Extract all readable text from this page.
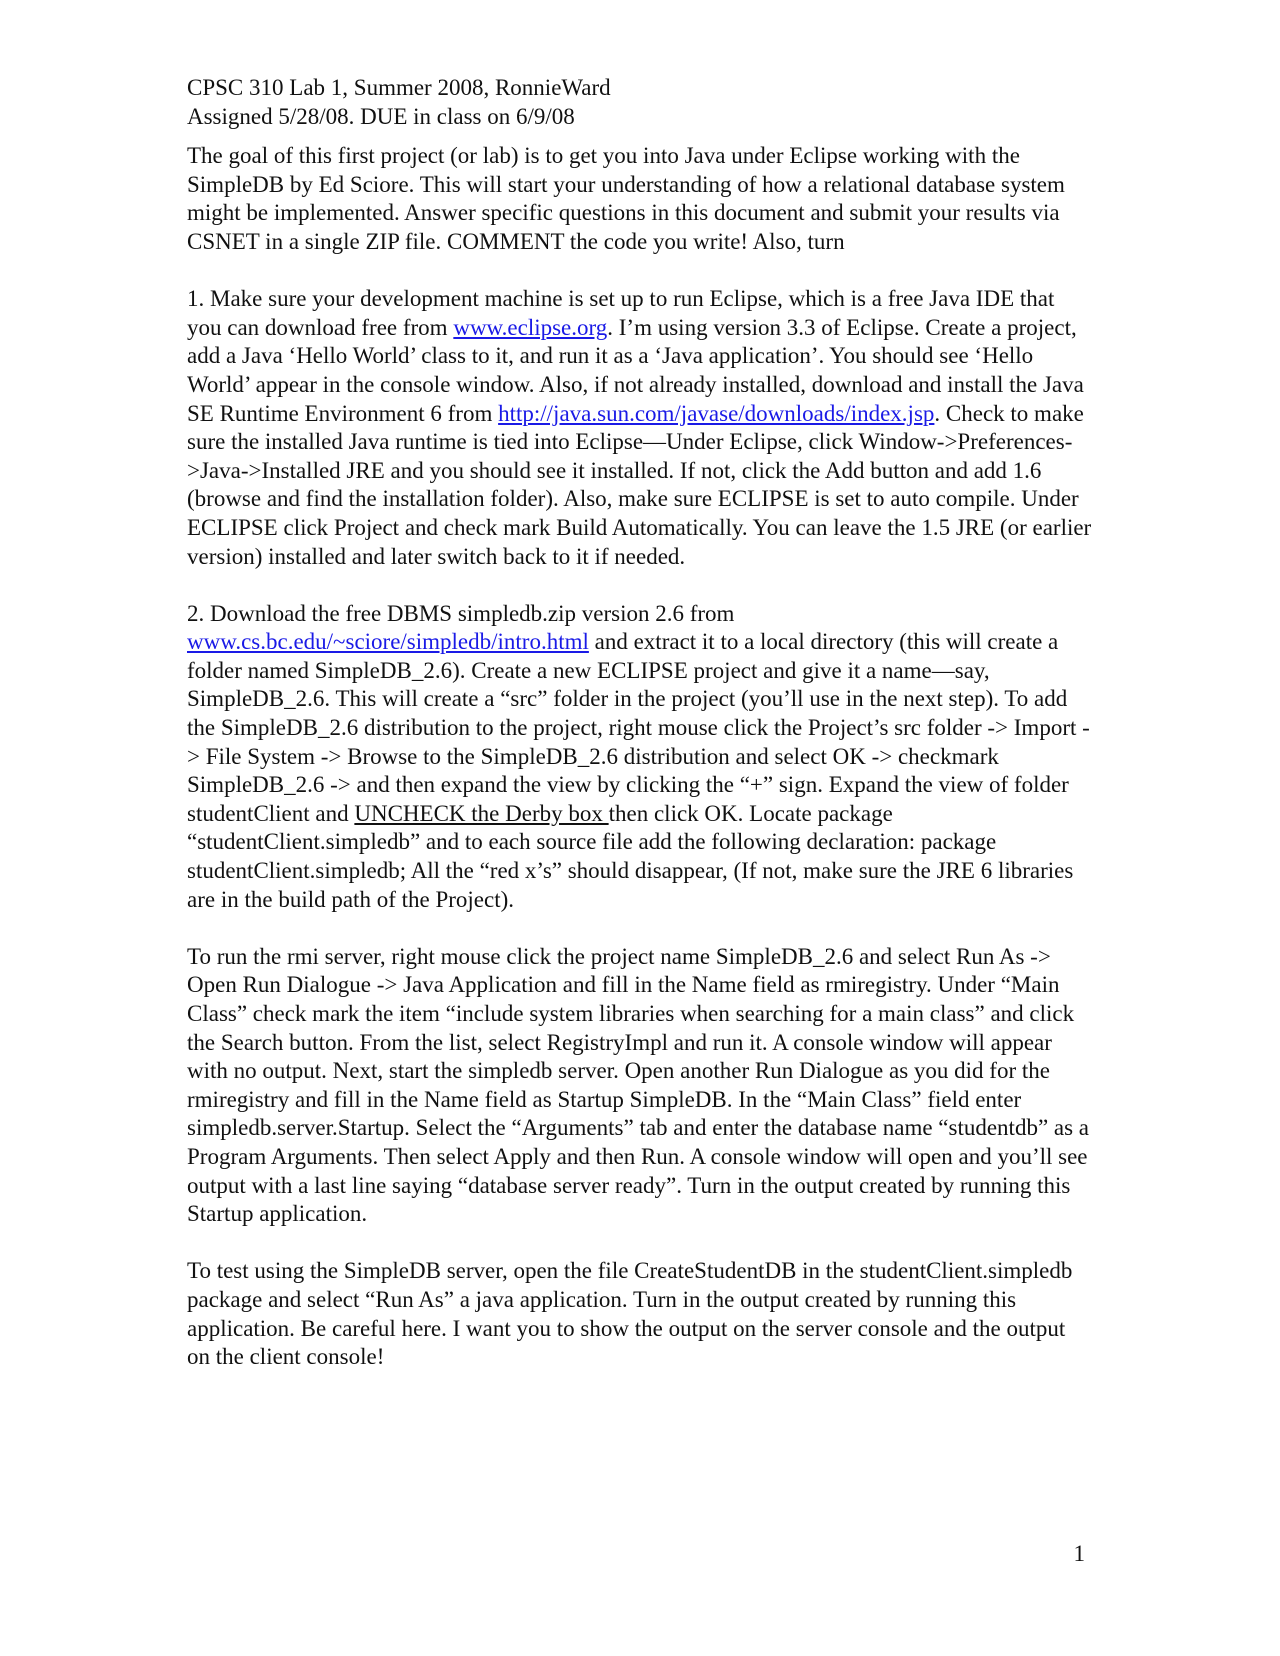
CPSC 310 Lab 1, Summer 2008, RonnieWard
Assigned 5/28/08. DUE in class on 6/9/08

The goal of this first project (or lab) is to get you into Java under Eclipse working with the SimpleDB by Ed Sciore. This will start your understanding of how a relational database system might be implemented. Answer specific questions in this document and submit your results via CSNET in a single ZIP file. COMMENT the code you write! Also, turn

1. Make sure your development machine is set up to run Eclipse, which is a free Java IDE that you can download free from www.eclipse.org. I’m using version 3.3 of Eclipse. Create a project, add a Java ‘Hello World’ class to it, and run it as a ‘Java application’. You should see ‘Hello World’ appear in the console window. Also, if not already installed, download and install the Java SE Runtime Environment 6 from http://java.sun.com/javase/downloads/index.jsp. Check to make sure the installed Java runtime is tied into Eclipse—Under Eclipse, click Window->Preferences->Java->Installed JRE and you should see it installed. If not, click the Add button and add 1.6 (browse and find the installation folder). Also, make sure ECLIPSE is set to auto compile. Under ECLIPSE click Project and check mark Build Automatically. You can leave the 1.5 JRE (or earlier version) installed and later switch back to it if needed.

2. Download the free DBMS simpledb.zip version 2.6 from www.cs.bc.edu/~sciore/simpledb/intro.html and extract it to a local directory (this will create a folder named SimpleDB_2.6). Create a new ECLIPSE project and give it a name—say, SimpleDB_2.6. This will create a “src” folder in the project (you’ll use in the next step). To add the SimpleDB_2.6 distribution to the project, right mouse click the Project’s src folder -> Import -> File System -> Browse to the SimpleDB_2.6 distribution and select OK -> checkmark SimpleDB_2.6 -> and then expand the view by clicking the “+” sign. Expand the view of folder studentClient and UNCHECK the Derby box then click OK. Locate package “studentClient.simpledb” and to each source file add the following declaration: package studentClient.simpledb; All the “red x’s” should disappear, (If not, make sure the JRE 6 libraries are in the build path of the Project).

To run the rmi server, right mouse click the project name SimpleDB_2.6 and select Run As -> Open Run Dialogue -> Java Application and fill in the Name field as rmiregistry. Under “Main Class” check mark the item “include system libraries when searching for a main class” and click the Search button. From the list, select RegistryImpl and run it. A console window will appear with no output. Next, start the simpledb server. Open another Run Dialogue as you did for the rmiregistry and fill in the Name field as Startup SimpleDB. In the “Main Class” field enter simpledb.server.Startup. Select the “Arguments” tab and enter the database name “studentdb” as a Program Arguments. Then select Apply and then Run. A console window will open and you’ll see output with a last line saying “database server ready”. Turn in the output created by running this Startup application.

To test using the SimpleDB server, open the file CreateStudentDB in the studentClient.simpledb package and select “Run As” a java application. Turn in the output created by running this application. Be careful here. I want you to show the output on the server console and the output on the client console!

1
